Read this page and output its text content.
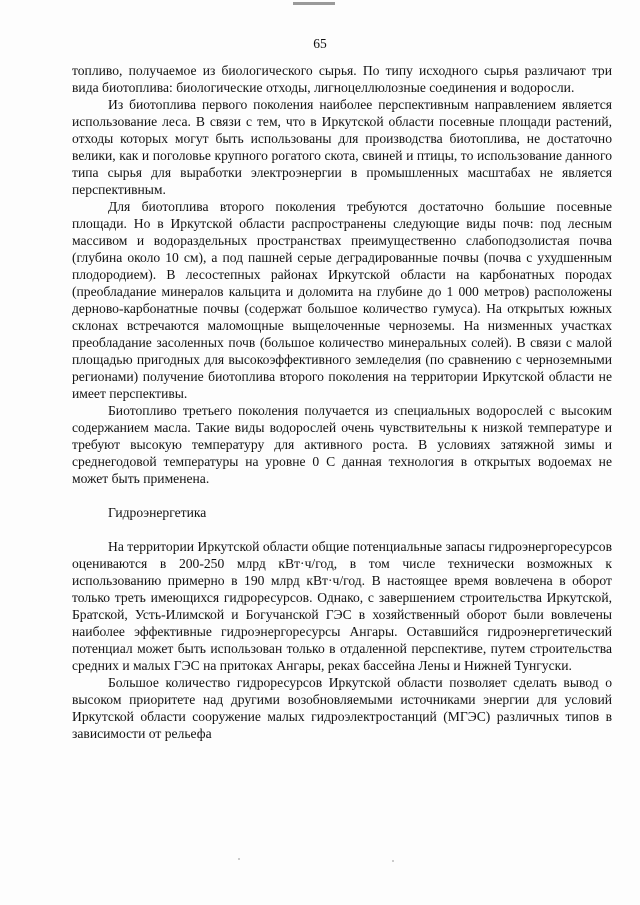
65

топливо, получаемое из биологического сырья. По типу исходного сырья различают три вида биотоплива: биологические отходы, лигноцеллюлозные соединения и водоросли.

Из биотоплива первого поколения наиболее перспективным направлением является использование леса. В связи с тем, что в Иркутской области посевные площади растений, отходы которых могут быть использованы для производства биотоплива, не достаточно велики, как и поголовье крупного рогатого скота, свиней и птицы, то использование данного типа сырья для выработки электроэнергии в промышленных масштабах не является перспективным.

Для биотоплива второго поколения требуются достаточно большие посевные площади. Но в Иркутской области распространены следующие виды почв: под лесным массивом и водораздельных пространствах преимущественно слабоподзолистая почва (глубина около 10 см), а под пашней серые деградированные почвы (почва с ухудшенным плодородием). В лесостепных районах Иркутской области на карбонатных породах (преобладание минералов кальцита и доломита на глубине до 1 000 метров) расположены дерново-карбонатные почвы (содержат большое количество гумуса). На открытых южных склонах встречаются маломощные выщелоченные черноземы. На низменных участках преобладание засоленных почв (большое количество минеральных солей). В связи с малой площадью пригодных для высокоэффективного земледелия (по сравнению с черноземными регионами) получение биотоплива второго поколения на территории Иркутской области не имеет перспективы.

Биотопливо третьего поколения получается из специальных водорослей с высоким содержанием масла. Такие виды водорослей очень чувствительны к низкой температуре и требуют высокую температуру для активного роста. В условиях затяжной зимы и среднегодовой температуры на уровне 0 С данная технология в открытых водоемах не может быть применена.

Гидроэнергетика

На территории Иркутской области общие потенциальные запасы гидроэнергоресурсов оцениваются в 200-250 млрд кВт·ч/год, в том числе технически возможных к использованию примерно в 190 млрд кВт·ч/год. В настоящее время вовлечена в оборот только треть имеющихся гидроресурсов. Однако, с завершением строительства Иркутской, Братской, Усть-Илимской и Богучанской ГЭС в хозяйственный оборот были вовлечены наиболее эффективные гидроэнергоресурсы Ангары. Оставшийся гидроэнергетический потенциал может быть использован только в отдаленной перспективе, путем строительства средних и малых ГЭС на притоках Ангары, реках бассейна Лены и Нижней Тунгуски.

Большое количество гидроресурсов Иркутской области позволяет сделать вывод о высоком приоритете над другими возобновляемыми источниками энергии для условий Иркутской области сооружение малых гидроэлектростанций (МГЭС) различных типов в зависимости от рельефа
